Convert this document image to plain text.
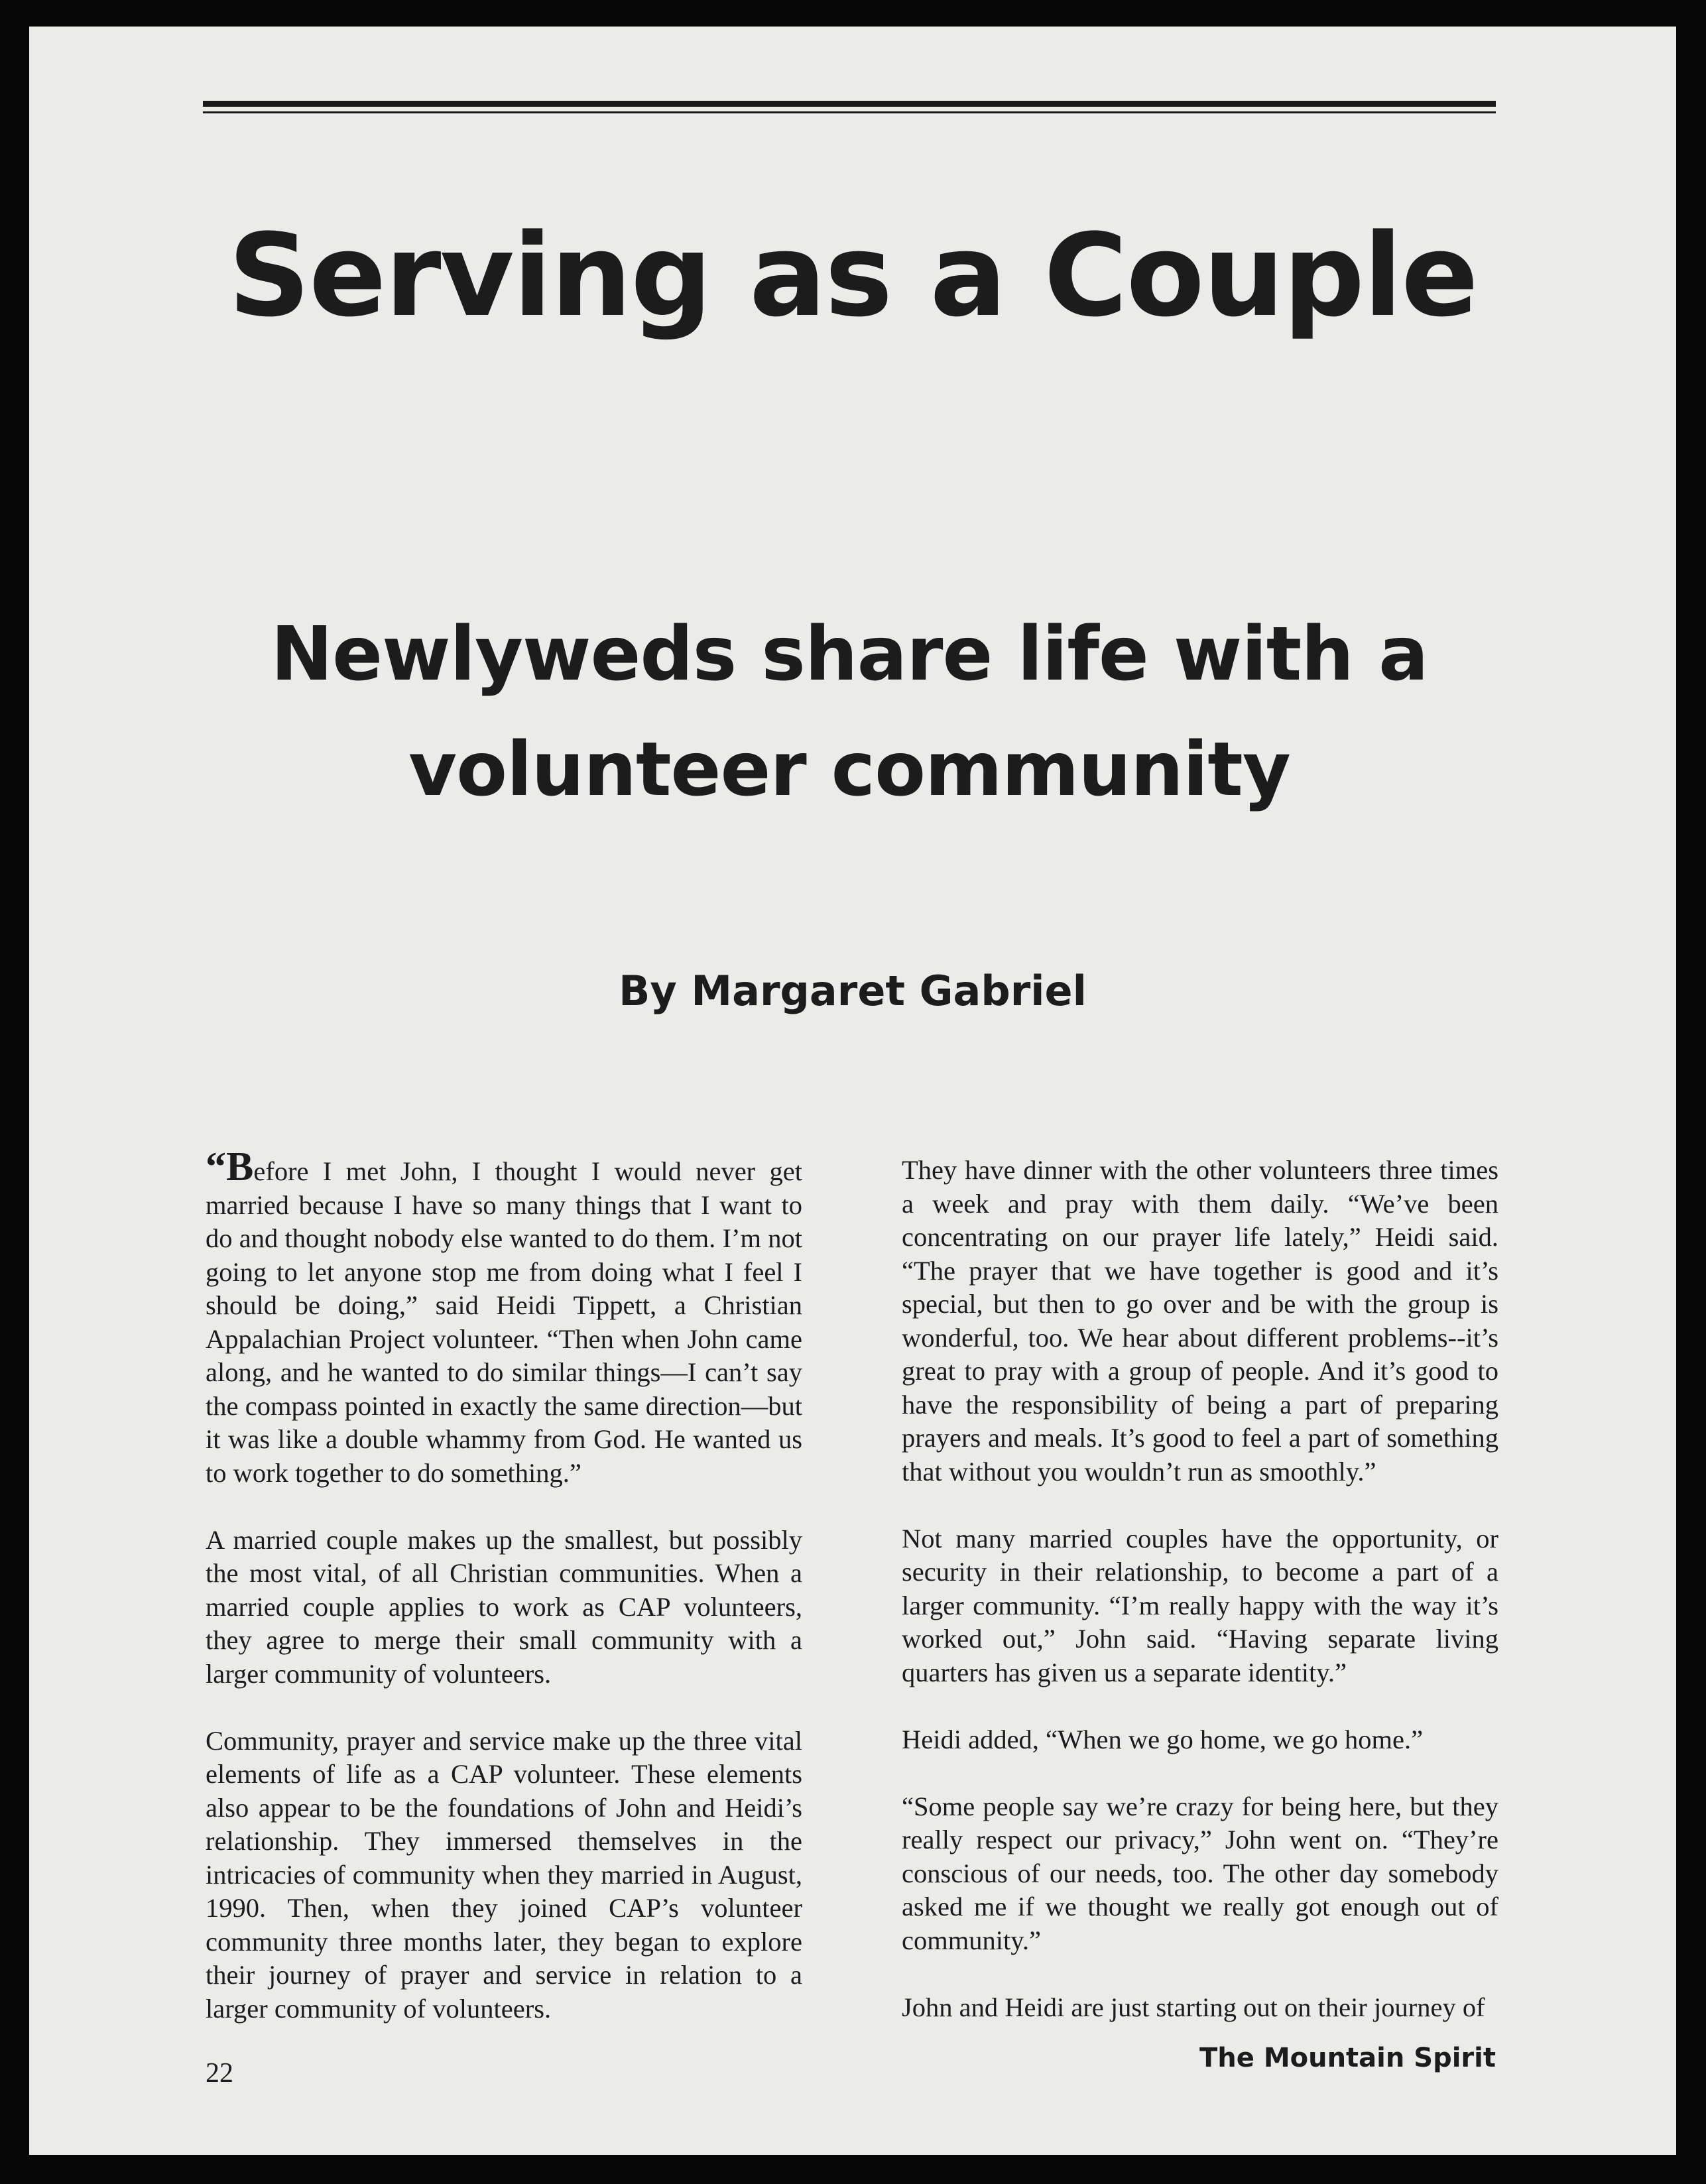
Serving as a Couple
Newlyweds share life with a volunteer community
By Margaret Gabriel

“Before I met John, I thought I would never get married because I have so many things that I want to do and thought nobody else wanted to do them. I’m not going to let anyone stop me from doing what I feel I should be doing,” said Heidi Tippett, a Christian Appalachian Project volunteer. “Then when John came along, and he wanted to do similar things—I can’t say the compass pointed in exactly the same direction—but it was like a double whammy from God. He wanted us to work together to do something.”

A married couple makes up the smallest, but possibly the most vital, of all Christian communities. When a married couple applies to work as CAP volunteers, they agree to merge their small community with a larger community of volunteers.

Community, prayer and service make up the three vital elements of life as a CAP volunteer. These elements also appear to be the foundations of John and Heidi’s relationship. They immersed themselves in the intricacies of community when they married in August, 1990. Then, when they joined CAP’s volunteer community three months later, they began to explore their journey of prayer and service in relation to a larger community of volunteers.

They have dinner with the other volunteers three times a week and pray with them daily. “We’ve been concentrating on our prayer life lately,” Heidi said. “The prayer that we have together is good and it’s special, but then to go over and be with the group is wonderful, too. We hear about different problems--it’s great to pray with a group of people. And it’s good to have the responsibility of being a part of preparing prayers and meals. It’s good to feel a part of something that without you wouldn’t run as smoothly.”

Not many married couples have the opportunity, or security in their relationship, to become a part of a larger community. “I’m really happy with the way it’s worked out,” John said. “Having separate living quarters has given us a separate identity.”

Heidi added, “When we go home, we go home.”

“Some people say we’re crazy for being here, but they really respect our privacy,” John went on. “They’re conscious of our needs, too. The other day somebody asked me if we thought we really got enough out of community.”

John and Heidi are just starting out on their journey of

22	The Mountain Spirit
